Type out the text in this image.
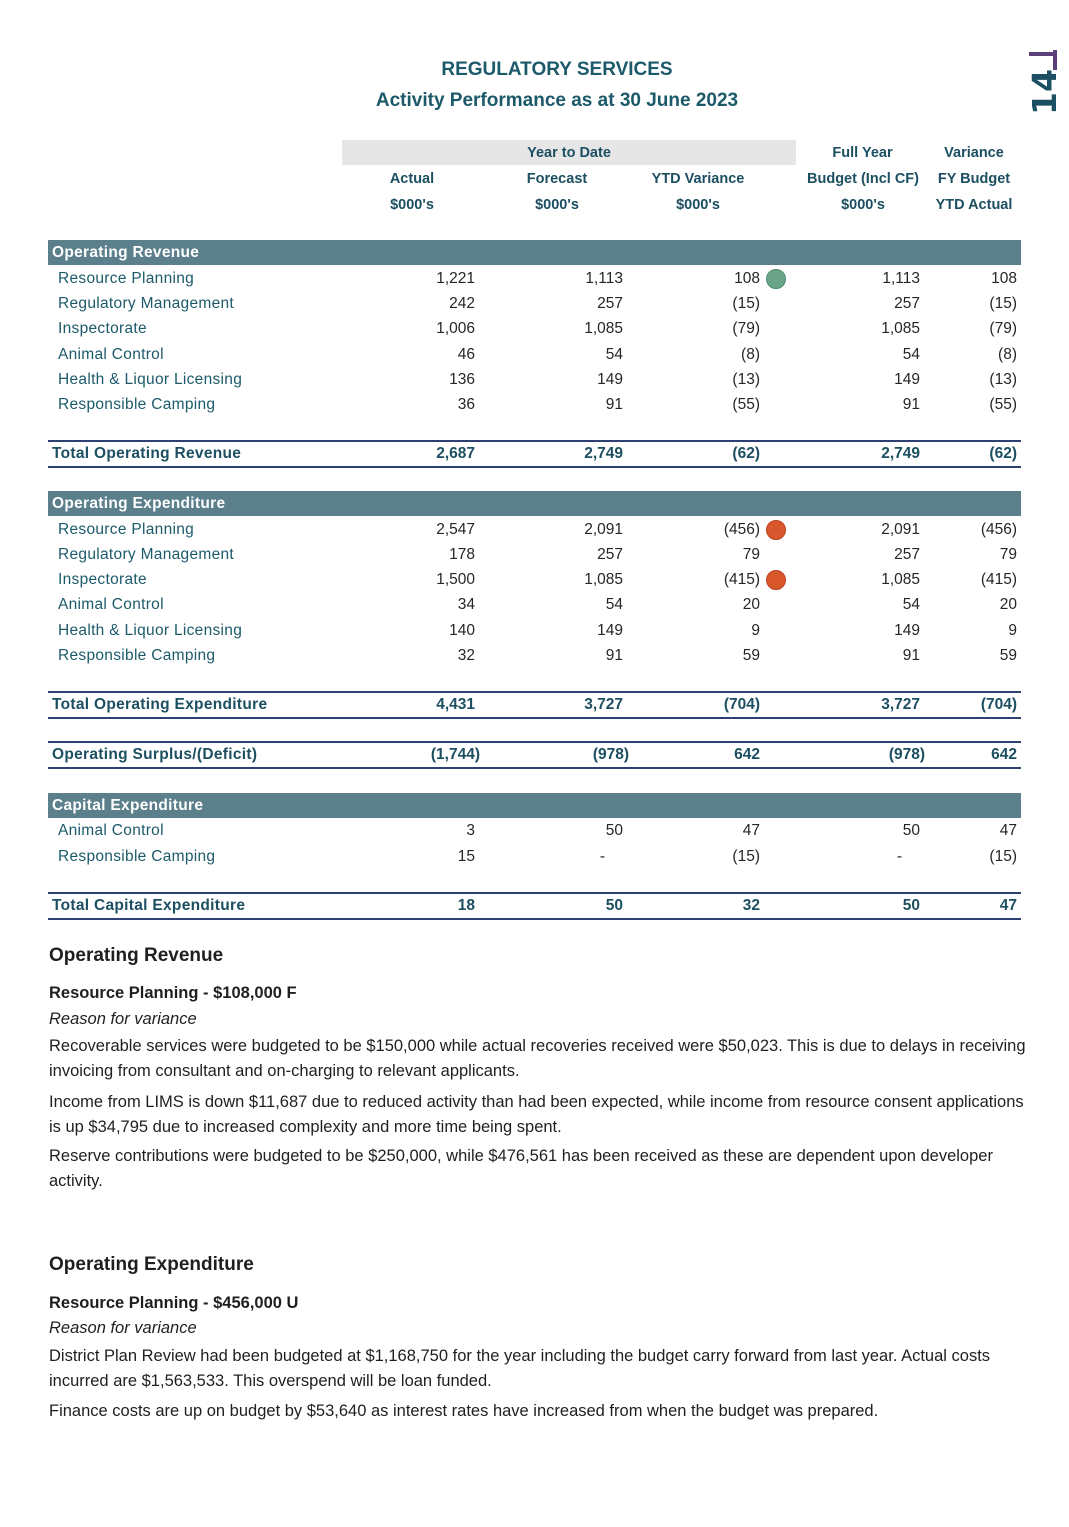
14
REGULATORY SERVICES
Activity Performance as at 30 June 2023
Year to Date	Full Year	Variance
Actual	Forecast	YTD Variance	Budget (Incl CF)	FY Budget
$000's	$000's	$000's	$000's	YTD Actual
Operating Revenue
Resource Planning	1,221	1,113	108	1,113	108
Regulatory Management	242	257	(15)	257	(15)
Inspectorate	1,006	1,085	(79)	1,085	(79)
Animal Control	46	54	(8)	54	(8)
Health & Liquor Licensing	136	149	(13)	149	(13)
Responsible Camping	36	91	(55)	91	(55)
Total Operating Revenue	2,687	2,749	(62)	2,749	(62)
Operating Expenditure
Resource Planning	2,547	2,091	(456)	2,091	(456)
Regulatory Management	178	257	79	257	79
Inspectorate	1,500	1,085	(415)	1,085	(415)
Animal Control	34	54	20	54	20
Health & Liquor Licensing	140	149	9	149	9
Responsible Camping	32	91	59	91	59
Total Operating Expenditure	4,431	3,727	(704)	3,727	(704)
Operating Surplus/(Deficit)	(1,744)	(978)	642	(978)	642
Capital Expenditure
Animal Control	3	50	47	50	47
Responsible Camping	15	-	(15)	-	(15)
Total Capital Expenditure	18	50	32	50	47
Operating Revenue
Resource Planning - $108,000 F
Reason for variance
Recoverable services were budgeted to be $150,000 while actual recoveries received were $50,023. This is due to delays in receiving invoicing from consultant and on-charging to relevant applicants.
Income from LIMS is down $11,687 due to reduced activity than had been expected, while income from resource consent applications is up $34,795 due to increased complexity and more time being spent.
Reserve contributions were budgeted to be $250,000, while $476,561 has been received as these are dependent upon developer activity.
Operating Expenditure
Resource Planning - $456,000 U
Reason for variance
District Plan Review had been budgeted at $1,168,750 for the year including the budget carry forward from last year. Actual costs incurred are $1,563,533. This overspend will be loan funded.
Finance costs are up on budget by $53,640 as interest rates have increased from when the budget was prepared.
